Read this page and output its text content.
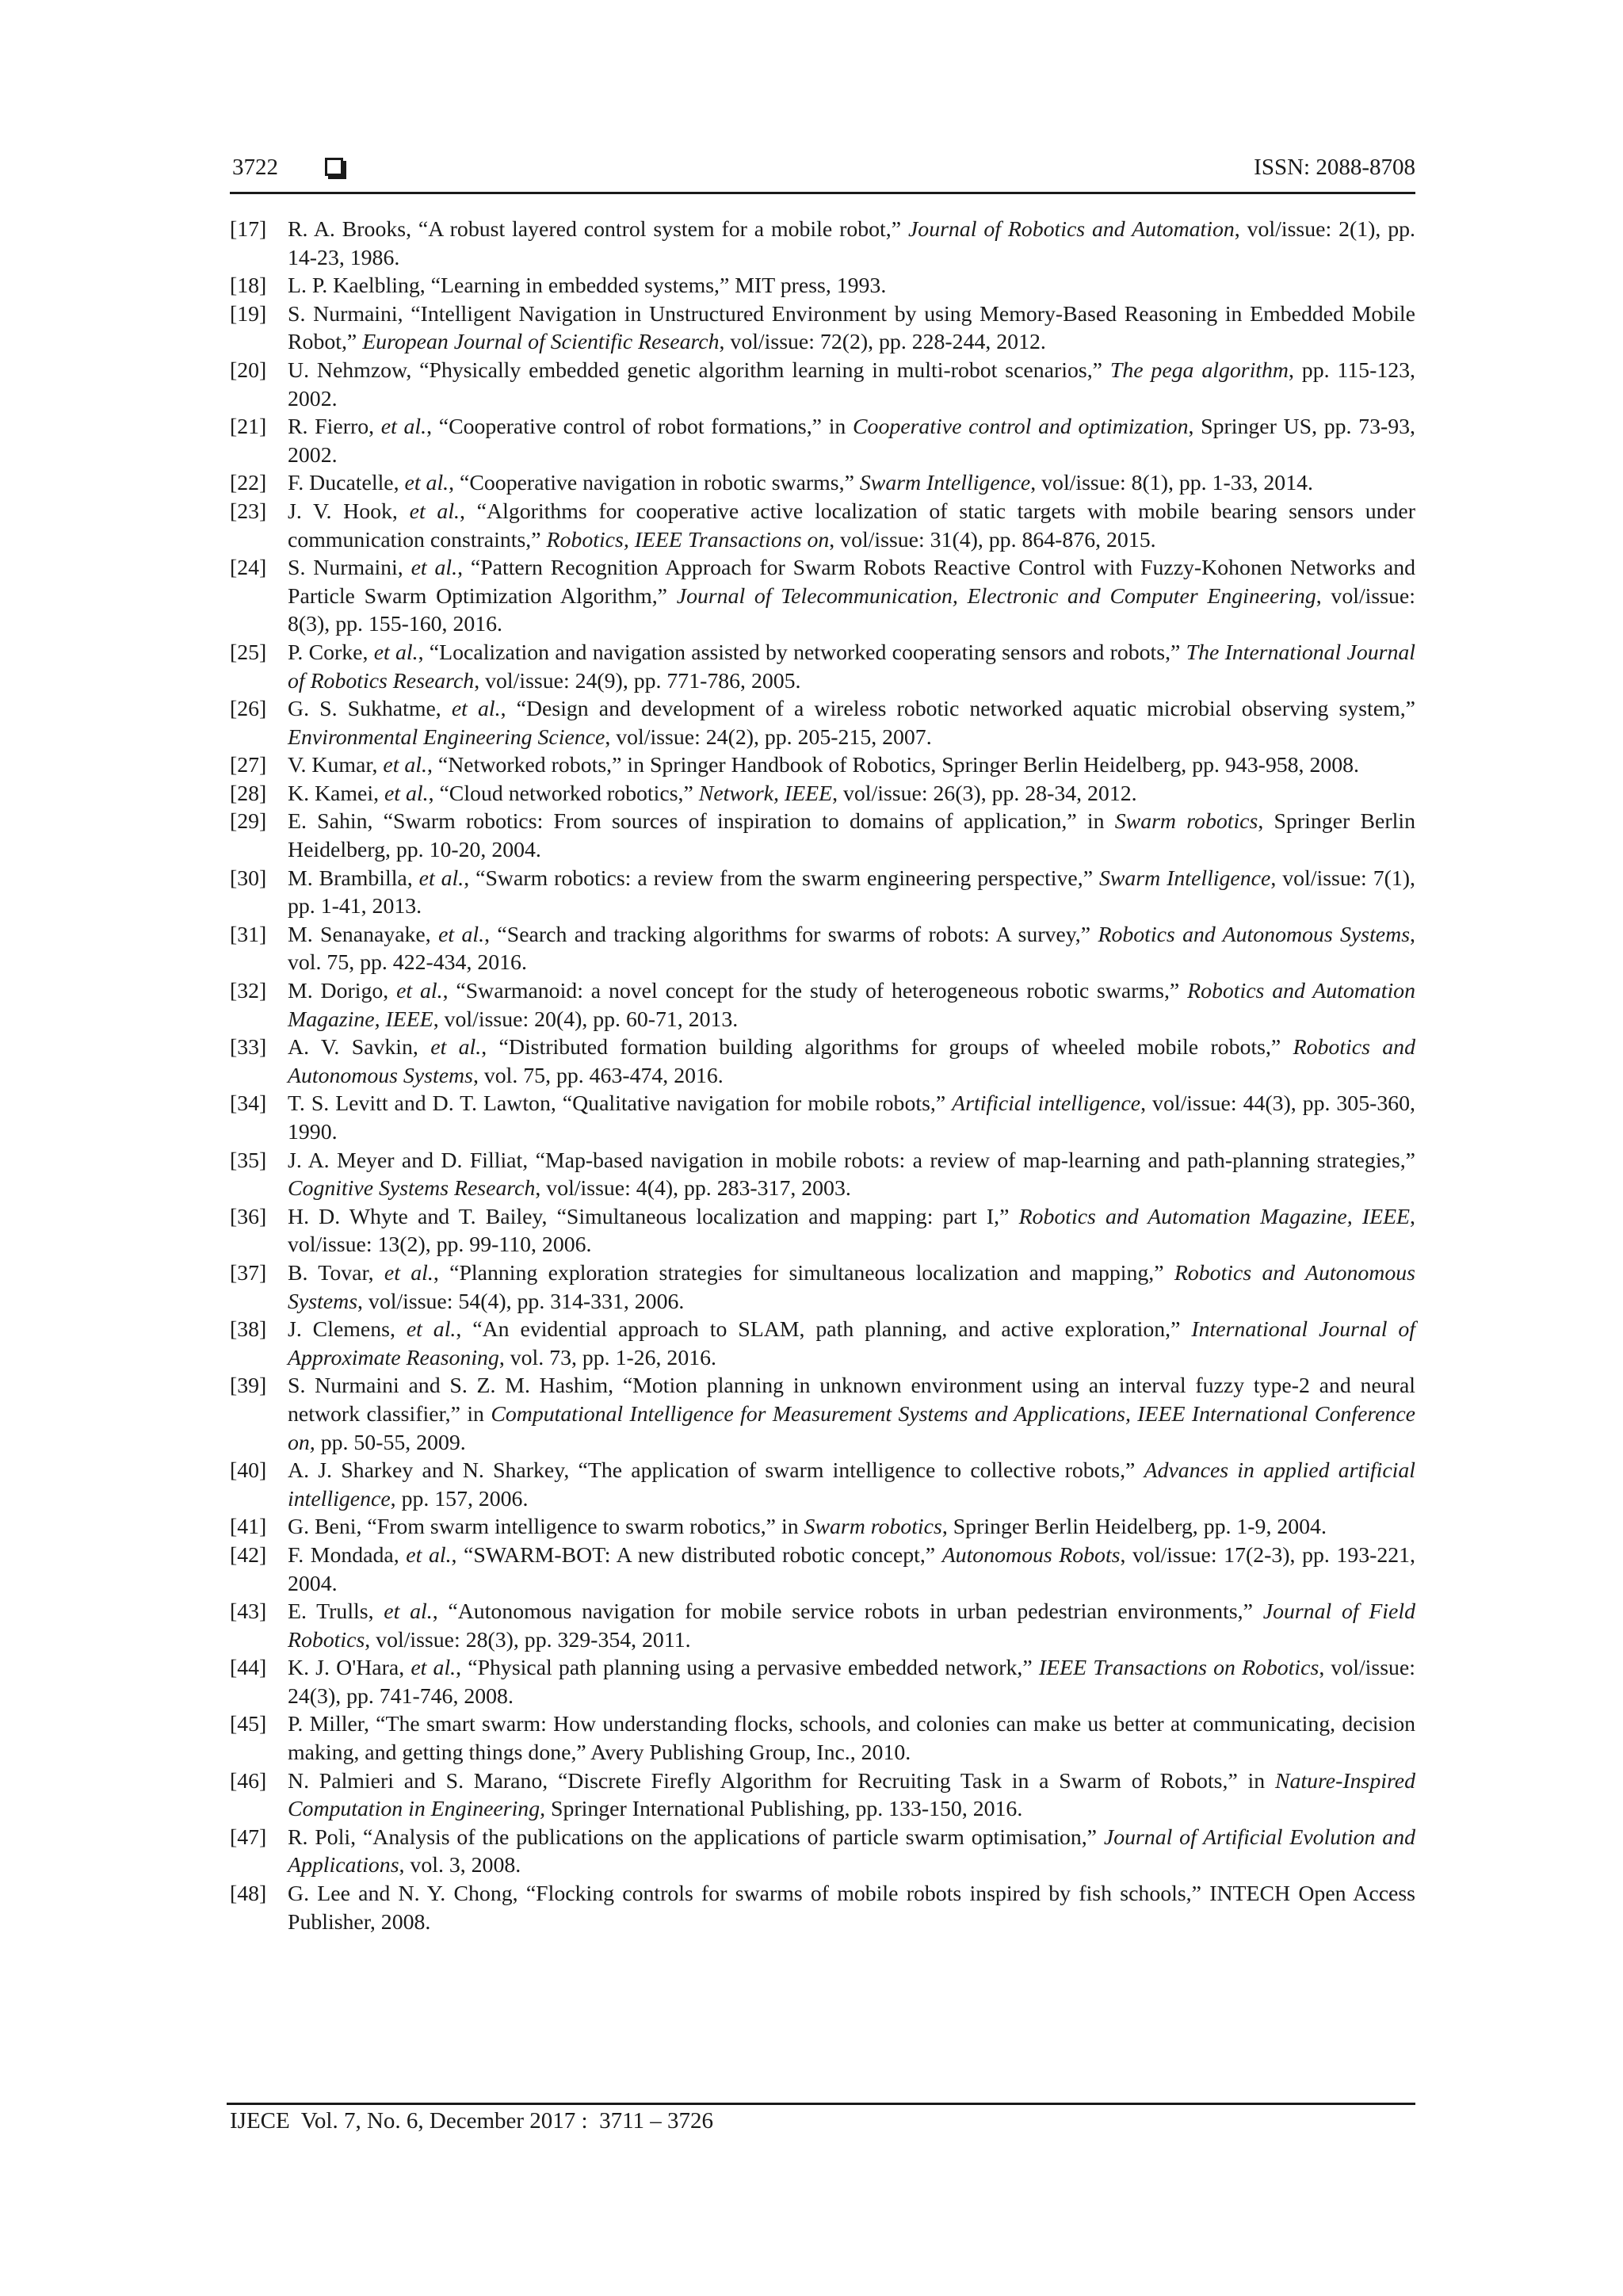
3722	ISSN: 2088-8708
[17] R. A. Brooks, “A robust layered control system for a mobile robot,” Journal of Robotics and Automation, vol/issue: 2(1), pp. 14-23, 1986.
[18] L. P. Kaelbling, “Learning in embedded systems,” MIT press, 1993.
[19] S. Nurmaini, “Intelligent Navigation in Unstructured Environment by using Memory-Based Reasoning in Embedded Mobile Robot,” European Journal of Scientific Research, vol/issue: 72(2), pp. 228-244, 2012.
[20] U. Nehmzow, “Physically embedded genetic algorithm learning in multi-robot scenarios,” The pega algorithm, pp. 115-123, 2002.
[21] R. Fierro, et al., “Cooperative control of robot formations,” in Cooperative control and optimization, Springer US, pp. 73-93, 2002.
[22] F. Ducatelle, et al., “Cooperative navigation in robotic swarms,” Swarm Intelligence, vol/issue: 8(1), pp. 1-33, 2014.
[23] J. V. Hook, et al., “Algorithms for cooperative active localization of static targets with mobile bearing sensors under communication constraints,” Robotics, IEEE Transactions on, vol/issue: 31(4), pp. 864-876, 2015.
[24] S. Nurmaini, et al., “Pattern Recognition Approach for Swarm Robots Reactive Control with Fuzzy-Kohonen Networks and Particle Swarm Optimization Algorithm,” Journal of Telecommunication, Electronic and Computer Engineering, vol/issue: 8(3), pp. 155-160, 2016.
[25] P. Corke, et al., “Localization and navigation assisted by networked cooperating sensors and robots,” The International Journal of Robotics Research, vol/issue: 24(9), pp. 771-786, 2005.
[26] G. S. Sukhatme, et al., “Design and development of a wireless robotic networked aquatic microbial observing system,” Environmental Engineering Science, vol/issue: 24(2), pp. 205-215, 2007.
[27] V. Kumar, et al., “Networked robots,” in Springer Handbook of Robotics, Springer Berlin Heidelberg, pp. 943-958, 2008.
[28] K. Kamei, et al., “Cloud networked robotics,” Network, IEEE, vol/issue: 26(3), pp. 28-34, 2012.
[29] E. Sahin, “Swarm robotics: From sources of inspiration to domains of application,” in Swarm robotics, Springer Berlin Heidelberg, pp. 10-20, 2004.
[30] M. Brambilla, et al., “Swarm robotics: a review from the swarm engineering perspective,” Swarm Intelligence, vol/issue: 7(1), pp. 1-41, 2013.
[31] M. Senanayake, et al., “Search and tracking algorithms for swarms of robots: A survey,” Robotics and Autonomous Systems, vol. 75, pp. 422-434, 2016.
[32] M. Dorigo, et al., “Swarmanoid: a novel concept for the study of heterogeneous robotic swarms,” Robotics and Automation Magazine, IEEE, vol/issue: 20(4), pp. 60-71, 2013.
[33] A. V. Savkin, et al., “Distributed formation building algorithms for groups of wheeled mobile robots,” Robotics and Autonomous Systems, vol. 75, pp. 463-474, 2016.
[34] T. S. Levitt and D. T. Lawton, “Qualitative navigation for mobile robots,” Artificial intelligence, vol/issue: 44(3), pp. 305-360, 1990.
[35] J. A. Meyer and D. Filliat, “Map-based navigation in mobile robots: a review of map-learning and path-planning strategies,” Cognitive Systems Research, vol/issue: 4(4), pp. 283-317, 2003.
[36] H. D. Whyte and T. Bailey, “Simultaneous localization and mapping: part I,” Robotics and Automation Magazine, IEEE, vol/issue: 13(2), pp. 99-110, 2006.
[37] B. Tovar, et al., “Planning exploration strategies for simultaneous localization and mapping,” Robotics and Autonomous Systems, vol/issue: 54(4), pp. 314-331, 2006.
[38] J. Clemens, et al., “An evidential approach to SLAM, path planning, and active exploration,” International Journal of Approximate Reasoning, vol. 73, pp. 1-26, 2016.
[39] S. Nurmaini and S. Z. M. Hashim, “Motion planning in unknown environment using an interval fuzzy type-2 and neural network classifier,” in Computational Intelligence for Measurement Systems and Applications, IEEE International Conference on, pp. 50-55, 2009.
[40] A. J. Sharkey and N. Sharkey, “The application of swarm intelligence to collective robots,” Advances in applied artificial intelligence, pp. 157, 2006.
[41] G. Beni, “From swarm intelligence to swarm robotics,” in Swarm robotics, Springer Berlin Heidelberg, pp. 1-9, 2004.
[42] F. Mondada, et al., “SWARM-BOT: A new distributed robotic concept,” Autonomous Robots, vol/issue: 17(2-3), pp. 193-221, 2004.
[43] E. Trulls, et al., “Autonomous navigation for mobile service robots in urban pedestrian environments,” Journal of Field Robotics, vol/issue: 28(3), pp. 329-354, 2011.
[44] K. J. O'Hara, et al., “Physical path planning using a pervasive embedded network,” IEEE Transactions on Robotics, vol/issue: 24(3), pp. 741-746, 2008.
[45] P. Miller, “The smart swarm: How understanding flocks, schools, and colonies can make us better at communicating, decision making, and getting things done,” Avery Publishing Group, Inc., 2010.
[46] N. Palmieri and S. Marano, “Discrete Firefly Algorithm for Recruiting Task in a Swarm of Robots,” in Nature-Inspired Computation in Engineering, Springer International Publishing, pp. 133-150, 2016.
[47] R. Poli, “Analysis of the publications on the applications of particle swarm optimisation,” Journal of Artificial Evolution and Applications, vol. 3, 2008.
[48] G. Lee and N. Y. Chong, “Flocking controls for swarms of mobile robots inspired by fish schools,” INTECH Open Access Publisher, 2008.
IJECE  Vol. 7, No. 6, December 2017 :  3711 – 3726
